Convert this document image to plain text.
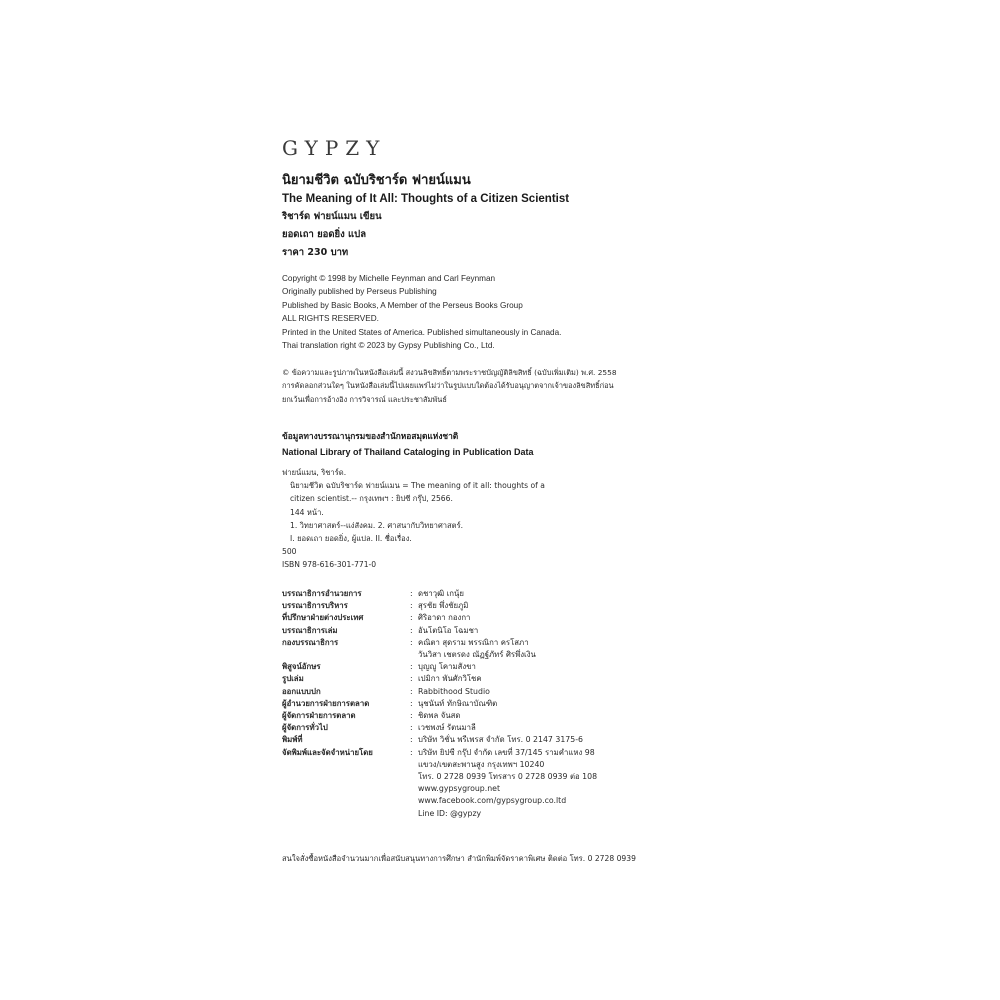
GYPZY
นิยามชีวิต ฉบับริชาร์ด ฟายน์แมน
The Meaning of It All: Thoughts of a Citizen Scientist
ริชาร์ด ฟายน์แมน เขียน
ยอดเถา ยอดยิ่ง แปล
ราคา 230 บาท
Copyright © 1998 by Michelle Feynman and Carl Feynman
Originally published by Perseus Publishing
Published by Basic Books, A Member of the Perseus Books Group
ALL RIGHTS RESERVED.
Printed in the United States of America. Published simultaneously in Canada.
Thai translation right © 2023 by Gypsy Publishing Co., Ltd.
© ข้อความและรูปภาพในหนังสือเล่มนี้ สงวนลิขสิทธิ์ตามพระราชบัญญัติลิขสิทธิ์ (ฉบับเพิ่มเติม) พ.ศ. 2558
การคัดลอกส่วนใดๆ ในหนังสือเล่มนี้ไปเผยแพร่ไม่ว่าในรูปแบบใดต้องได้รับอนุญาตจากเจ้าของลิขสิทธิ์ก่อน
ยกเว้นเพื่อการอ้างอิง การวิจารณ์ และประชาสัมพันธ์
ข้อมูลทางบรรณานุกรมของสำนักหอสมุดแห่งชาติ
National Library of Thailand Cataloging in Publication Data
ฟายน์แมน, ริชาร์ด.
นิยามชีวิต ฉบับริชาร์ด ฟายน์แมน = The meaning of it all: thoughts of a
citizen scientist.-- กรุงเทพฯ : ยิปซี กรุ๊ป, 2566.
144 หน้า.
1. วิทยาศาสตร์--แง่สังคม. 2. ศาสนากับวิทยาศาสตร์.
I. ยอดเถา ยอดยิ่ง, ผู้แปล. II. ชื่อเรื่อง.
500
ISBN 978-616-301-771-0
บรรณาธิการอำนวยการ	: ดชาวุฒิ เกนุ้ย
บรรณาธิการบริหาร	: สุรชัย พึ่งชัยภูมิ
ที่ปรึกษาฝ่ายต่างประเทศ	: ศิริอาดา กองกา
บรรณาธิการเล่ม	: อันโตนิโอ โฉมชา
กองบรรณาธิการ	: คณิตา สุดราม พรรณิกา ครโสภา
วันวิสา เชตรดง ณัฏฐ์ภัทร์ ศิรพึ่งเงิน
พิสูจน์อักษร	: บุญญู โคามสังขา
รูปเล่ม	: เปมิกา พันศักวิโชค
ออกแบบปก	: Rabbithood Studio
ผู้อำนวยการฝ่ายการตลาด	: นุชนันท์ ทักษิณาบัณฑิต
ผู้จัดการฝ่ายการตลาด	: ชิดพล จันสด
ผู้จัดการทั่วไป	: เวชพงษ์ รัตนมาลี
พิมพ์ที่	: บริษัท วิชั่น พรีเพรส จำกัด โทร. 0 2147 3175-6
จัดพิมพ์และจัดจำหน่ายโดย	: บริษัท ยิปซี กรุ๊ป จำกัด เลขที่ 37/145 รามคำแหง 98
แขวง/เขตสะพานสูง กรุงเทพฯ 10240
โทร. 0 2728 0939 โทรสาร 0 2728 0939 ต่อ 108
www.gypsygroup.net
www.facebook.com/gypsygroup.co.ltd
Line ID: @gypzy
สนใจสั่งซื้อหนังสือจำนวนมากเพื่อสนับสนุนทางการศึกษา สำนักพิมพ์จัดราคาพิเศษ ติดต่อ โทร. 0 2728 0939
